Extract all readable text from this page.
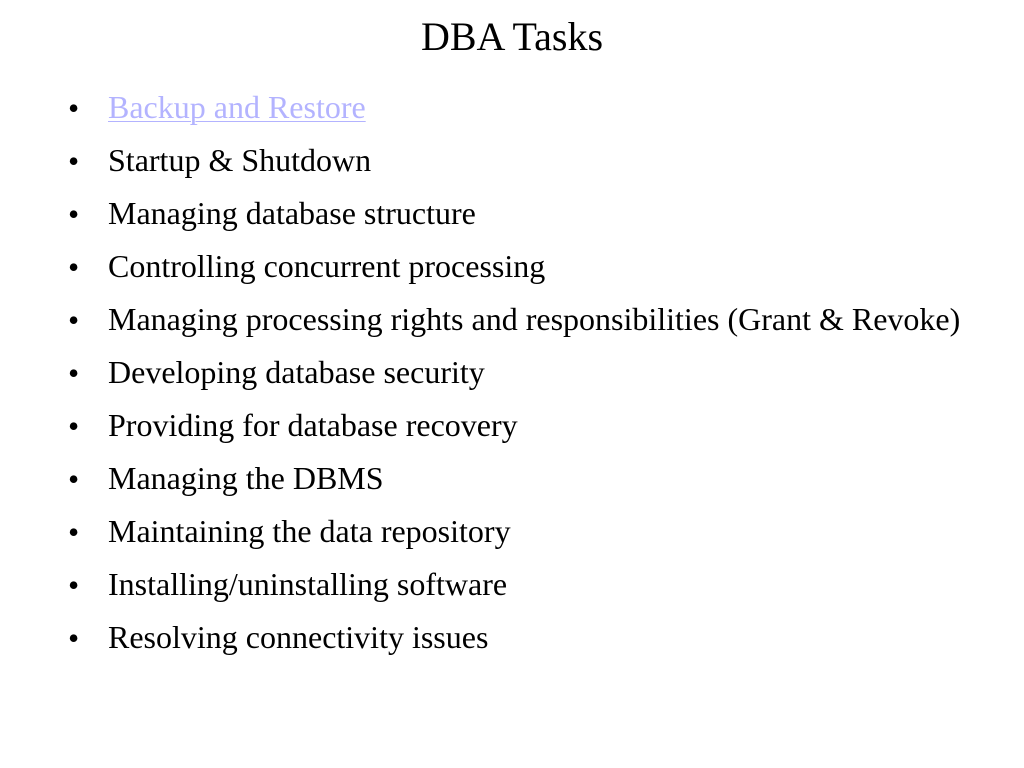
DBA Tasks
• Backup and Restore
• Startup & Shutdown
• Managing database structure
• Controlling concurrent processing
• Managing processing rights and responsibilities (Grant & Revoke)
• Developing database security
• Providing for database recovery
• Managing the DBMS
• Maintaining the data repository
• Installing/uninstalling software
• Resolving connectivity issues
